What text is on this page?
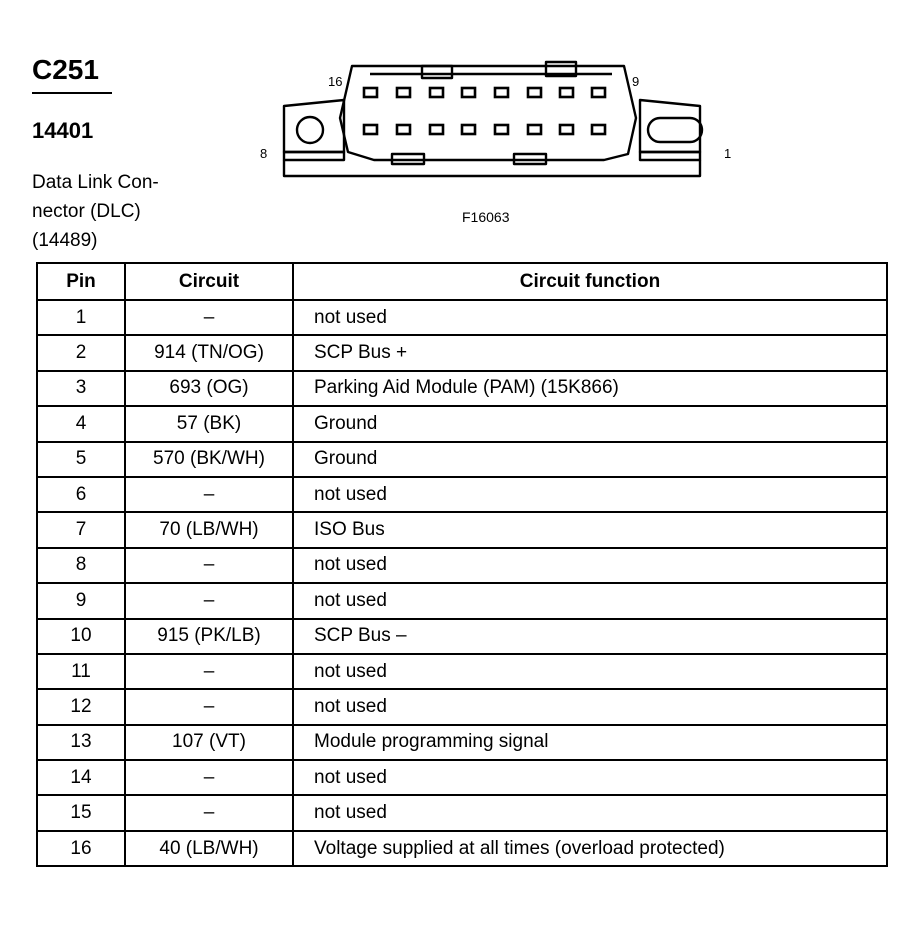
C251
14401
Data Link Con-
nector (DLC)
(14489)
16	9
8	1
F16063
Pin	Circuit	Circuit function
1	–	not used
2	914 (TN/OG)	SCP Bus +
3	693 (OG)	Parking Aid Module (PAM) (15K866)
4	57 (BK)	Ground
5	570 (BK/WH)	Ground
6	–	not used
7	70 (LB/WH)	ISO Bus
8	–	not used
9	–	not used
10	915 (PK/LB)	SCP Bus –
11	–	not used
12	–	not used
13	107 (VT)	Module programming signal
14	–	not used
15	–	not used
16	40 (LB/WH)	Voltage supplied at all times (overload protected)
